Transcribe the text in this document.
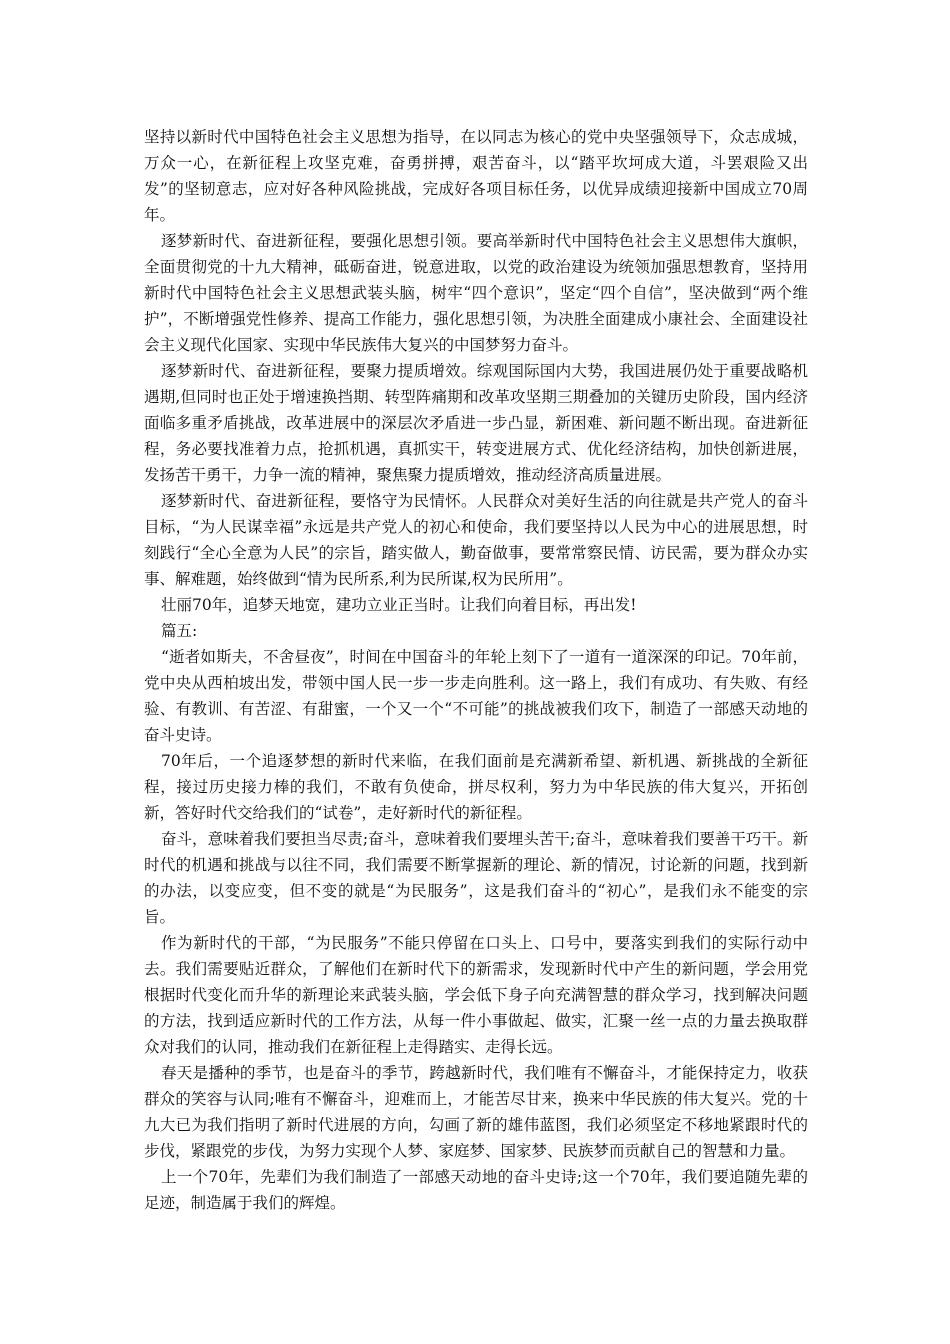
坚持以新时代中国特色社会主义思想为指导，在以同志为核心的党中央坚强领导下，众志成城，万众一心，在新征程上攻坚克难，奋勇拼搏，艰苦奋斗，以“踏平坎坷成大道，斗罢艰险又出发”的坚韧意志，应对好各种风险挑战，完成好各项目标任务，以优异成绩迎接新中国成立70周年。

逐梦新时代、奋进新征程，要强化思想引领。要高举新时代中国特色社会主义思想伟大旗帜，全面贯彻党的十九大精神，砥砺奋进，锐意进取，以党的政治建设为统领加强思想教育，坚持用新时代中国特色社会主义思想武装头脑，树牢“四个意识”，坚定“四个自信”，坚决做到“两个维护”，不断增强党性修养、提高工作能力，强化思想引领，为决胜全面建成小康社会、全面建设社会主义现代化国家、实现中华民族伟大复兴的中国梦努力奋斗。

逐梦新时代、奋进新征程，要聚力提质增效。综观国际国内大势，我国进展仍处于重要战略机遇期,但同时也正处于增速换挡期、转型阵痛期和改革攻坚期三期叠加的关键历史阶段，国内经济面临多重矛盾挑战，改革进展中的深层次矛盾进一步凸显，新困难、新问题不断出现。奋进新征程，务必要找准着力点，抢抓机遇，真抓实干，转变进展方式、优化经济结构，加快创新进展，发扬苦干勇干，力争一流的精神，聚焦聚力提质增效，推动经济高质量进展。

逐梦新时代、奋进新征程，要恪守为民情怀。人民群众对美好生活的向往就是共产党人的奋斗目标，“为人民谋幸福”永远是共产党人的初心和使命，我们要坚持以人民为中心的进展思想，时刻践行“全心全意为人民”的宗旨，踏实做人，勤奋做事，要常常察民情、访民需，要为群众办实事、解难题，始终做到“情为民所系,利为民所谋,权为民所用”。

壮丽70年，追梦天地宽，建功立业正当时。让我们向着目标，再出发!

篇五:

“逝者如斯夫，不舍昼夜”，时间在中国奋斗的年轮上刻下了一道有一道深深的印记。70年前，党中央从西柏坡出发，带领中国人民一步一步走向胜利。这一路上，我们有成功、有失败、有经验、有教训、有苦涩、有甜蜜，一个又一个“不可能”的挑战被我们攻下，制造了一部感天动地的奋斗史诗。

70年后，一个追逐梦想的新时代来临，在我们面前是充满新希望、新机遇、新挑战的全新征程，接过历史接力棒的我们，不敢有负使命，拼尽权利，努力为中华民族的伟大复兴，开拓创新，答好时代交给我们的“试卷”，走好新时代的新征程。

奋斗，意味着我们要担当尽责;奋斗，意味着我们要埋头苦干;奋斗，意味着我们要善干巧干。新时代的机遇和挑战与以往不同，我们需要不断掌握新的理论、新的情况，讨论新的问题，找到新的办法，以变应变，但不变的就是“为民服务”，这是我们奋斗的“初心”，是我们永不能变的宗旨。

作为新时代的干部，“为民服务”不能只停留在口头上、口号中，要落实到我们的实际行动中去。我们需要贴近群众，了解他们在新时代下的新需求，发现新时代中产生的新问题，学会用党根据时代变化而升华的新理论来武装头脑，学会低下身子向充满智慧的群众学习，找到解决问题的方法，找到适应新时代的工作方法，从每一件小事做起、做实，汇聚一丝一点的力量去换取群众对我们的认同，推动我们在新征程上走得踏实、走得长远。

春天是播种的季节，也是奋斗的季节，跨越新时代，我们唯有不懈奋斗，才能保持定力，收获群众的笑容与认同;唯有不懈奋斗，迎难而上，才能苦尽甘来，换来中华民族的伟大复兴。党的十九大已为我们指明了新时代进展的方向，勾画了新的雄伟蓝图，我们必须坚定不移地紧跟时代的步伐，紧跟党的步伐，为努力实现个人梦、家庭梦、国家梦、民族梦而贡献自己的智慧和力量。

上一个70年，先辈们为我们制造了一部感天动地的奋斗史诗;这一个70年，我们要追随先辈的足迹，制造属于我们的辉煌。
